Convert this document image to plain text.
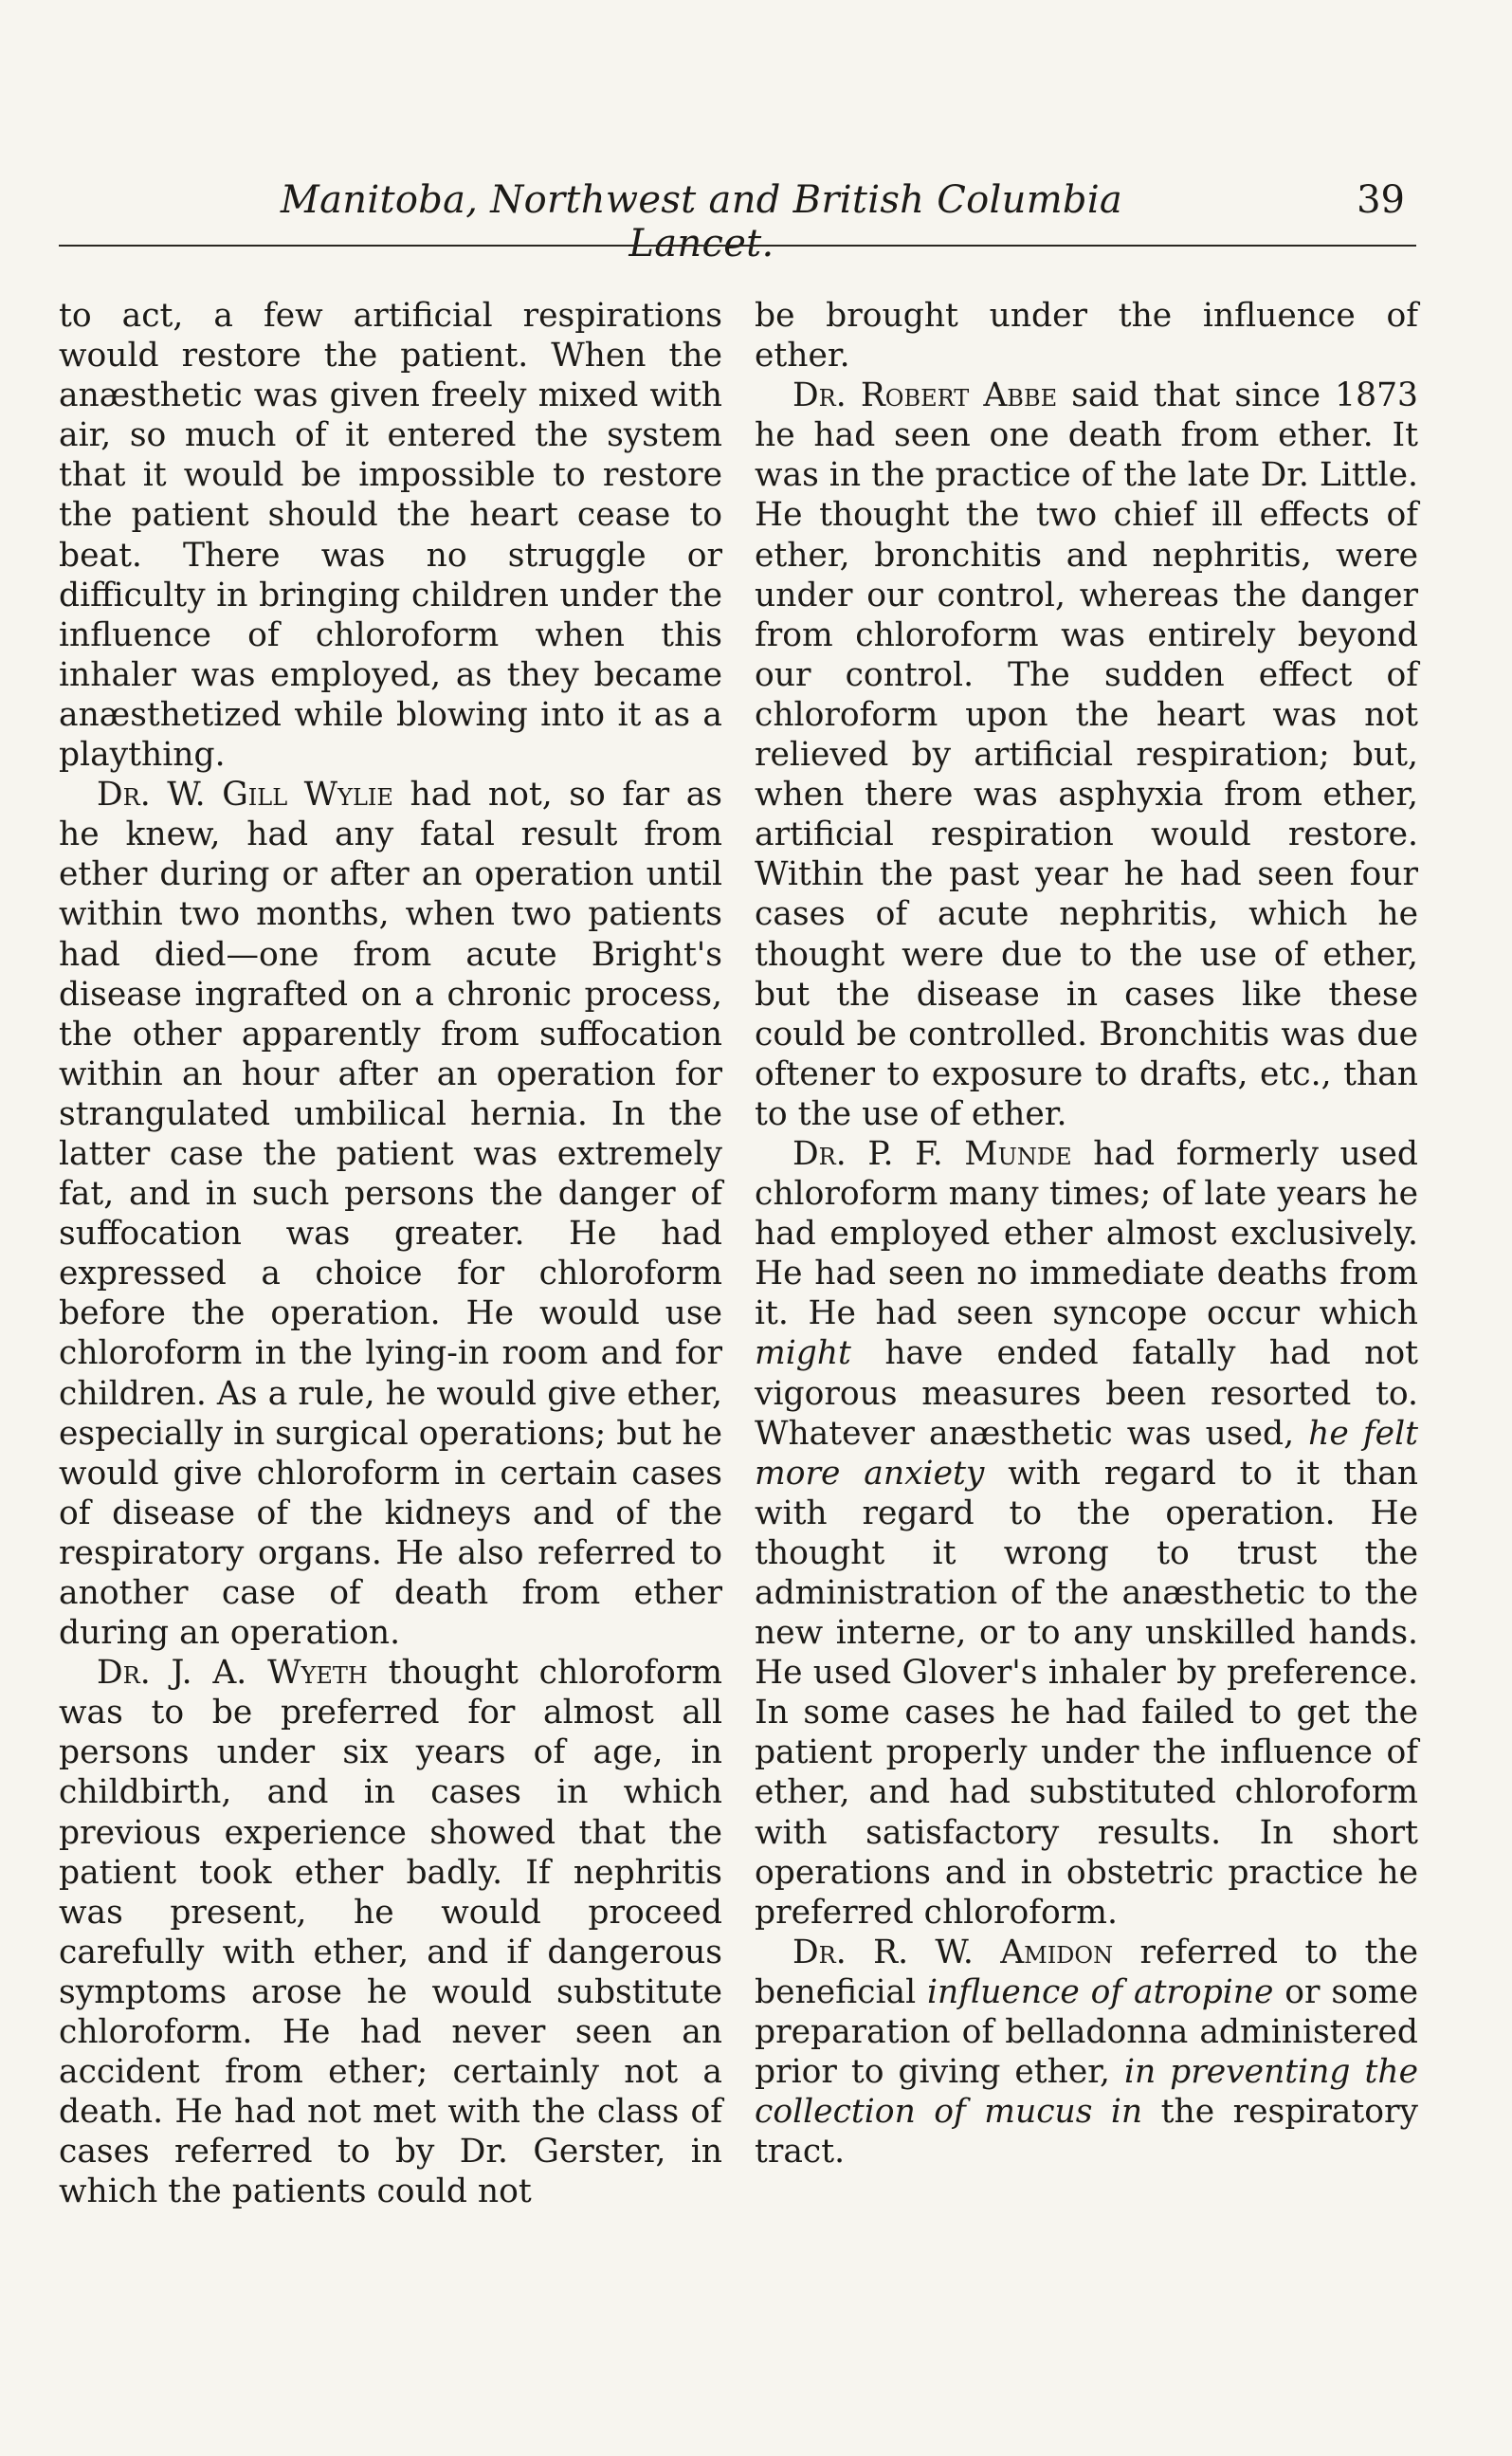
Manitoba, Northwest and British Columbia Lancet.
39

to act, a few artificial respirations would restore the patient. When the anæsthetic was given freely mixed with air, so much of it entered the system that it would be impossible to restore the patient should the heart cease to beat. There was no struggle or difficulty in bringing children under the influence of chloroform when this inhaler was employed, as they became anæsthetized while blowing into it as a plaything.

Dr. W. Gill Wylie had not, so far as he knew, had any fatal result from ether during or after an operation until within two months, when two patients had died—one from acute Bright's disease ingrafted on a chronic process, the other apparently from suffocation within an hour after an operation for strangulated umbilical hernia. In the latter case the patient was extremely fat, and in such persons the danger of suffocation was greater. He had expressed a choice for chloroform before the operation. He would use chloroform in the lying-in room and for children. As a rule, he would give ether, especially in surgical operations; but he would give chloroform in certain cases of disease of the kidneys and of the respiratory organs. He also referred to another case of death from ether during an operation.

Dr. J. A. Wyeth thought chloroform was to be preferred for almost all persons under six years of age, in childbirth, and in cases in which previous experience showed that the patient took ether badly. If nephritis was present, he would proceed carefully with ether, and if dangerous symptoms arose he would substitute chloroform. He had never seen an accident from ether; certainly not a death. He had not met with the class of cases referred to by Dr. Gerster, in which the patients could not

be brought under the influence of ether.

Dr. Robert Abbe said that since 1873 he had seen one death from ether. It was in the practice of the late Dr. Little. He thought the two chief ill effects of ether, bronchitis and nephritis, were under our control, whereas the danger from chloroform was entirely beyond our control. The sudden effect of chloroform upon the heart was not relieved by artificial respiration; but, when there was asphyxia from ether, artificial respiration would restore. Within the past year he had seen four cases of acute nephritis, which he thought were due to the use of ether, but the disease in cases like these could be controlled. Bronchitis was due oftener to exposure to drafts, etc., than to the use of ether.

Dr. P. F. Munde had formerly used chloroform many times; of late years he had employed ether almost exclusively. He had seen no immediate deaths from it. He had seen syncope occur which might have ended fatally had not vigorous measures been resorted to. Whatever anæsthetic was used, he felt more anxiety with regard to it than with regard to the operation. He thought it wrong to trust the administration of the anæsthetic to the new interne, or to any unskilled hands. He used Glover's inhaler by preference. In some cases he had failed to get the patient properly under the influence of ether, and had substituted chloroform with satisfactory results. In short operations and in obstetric practice he preferred chloroform.

Dr. R. W. Amidon referred to the beneficial influence of atropine or some preparation of belladonna administered prior to giving ether, in preventing the collection of mucus in the respiratory tract.
